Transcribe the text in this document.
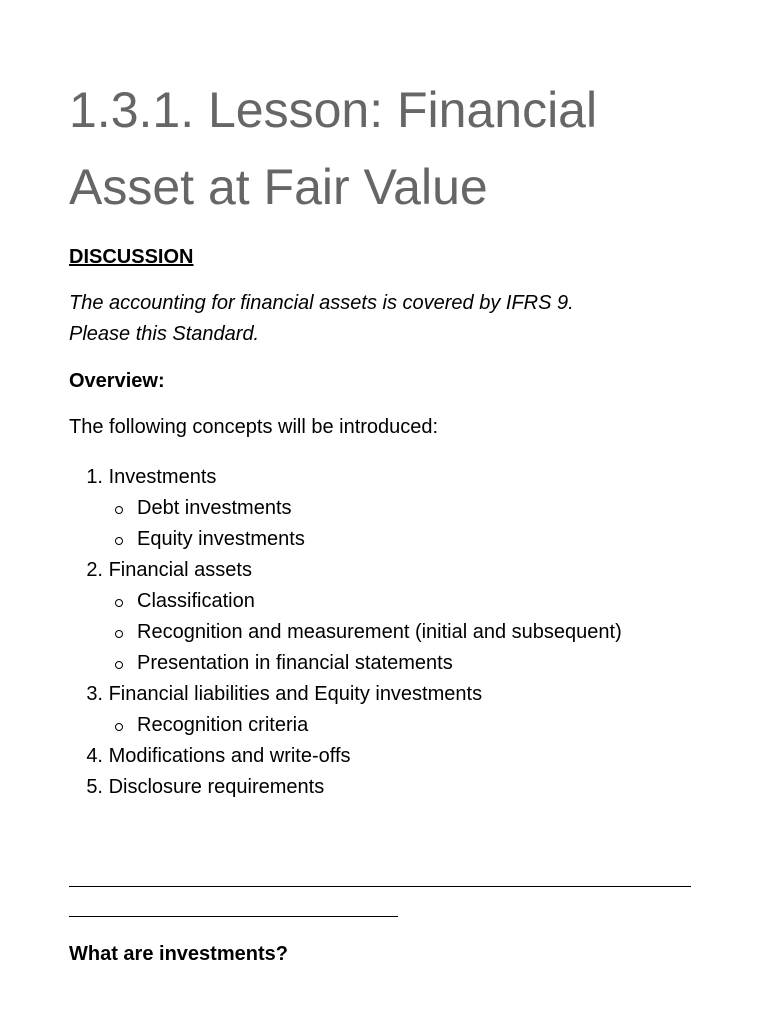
1.3.1. Lesson: Financial Asset at Fair Value
DISCUSSION
The accounting for financial assets is covered by IFRS 9.
Please this Standard.
Overview:
The following concepts will be introduced:
1. Investments
Debt investments
Equity investments
2. Financial assets
Classification
Recognition and measurement (initial and subsequent)
Presentation in financial statements
3. Financial liabilities and Equity investments
Recognition criteria
4. Modifications and write-offs
5. Disclosure requirements
What are investments?
